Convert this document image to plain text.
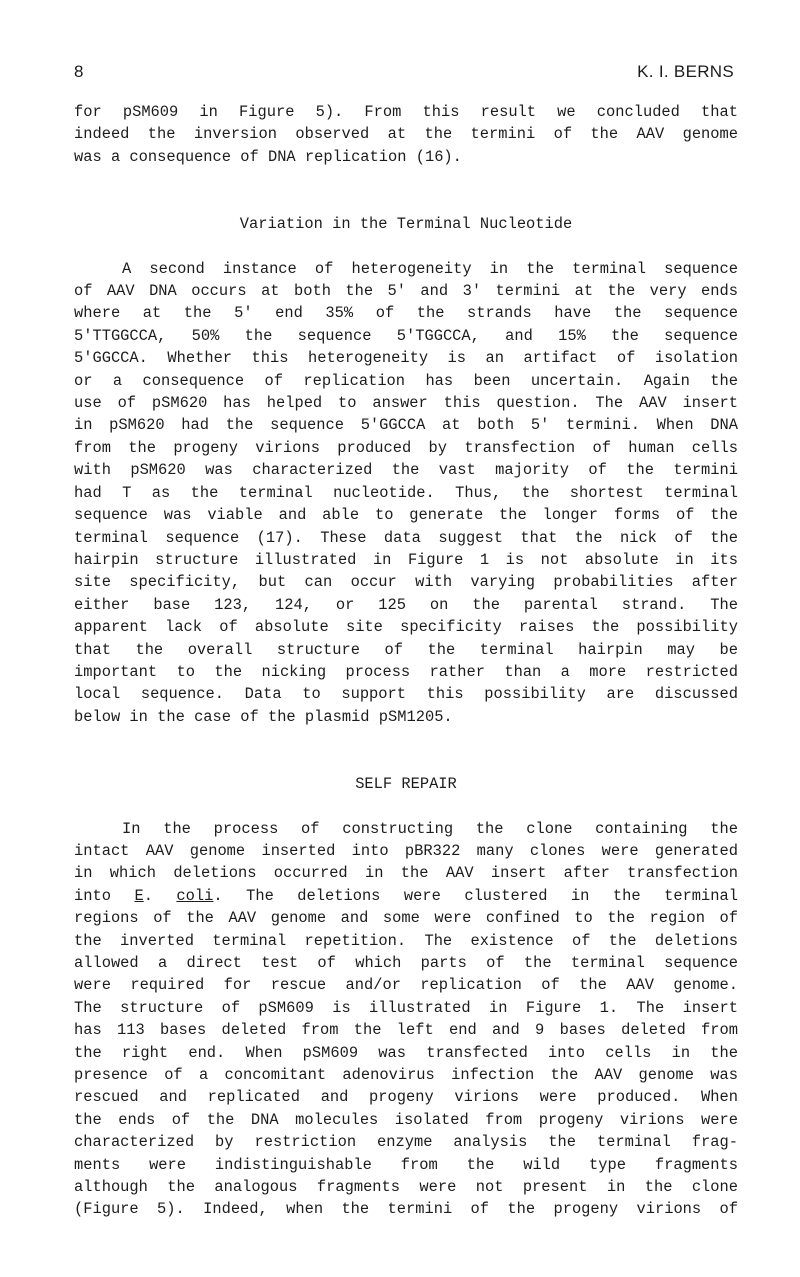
8	K. I. BERNS
for pSM609 in Figure 5). From this result we concluded that
indeed the inversion observed at the termini of the AAV genome
was a consequence of DNA replication (16).
Variation in the Terminal Nucleotide
A second instance of heterogeneity in the terminal sequence
of AAV DNA occurs at both the 5' and 3' termini at the very ends
where at the 5' end 35% of the strands have the sequence
5'TTGGCCA, 50% the sequence 5'TGGCCA, and 15% the sequence
5'GGCCA. Whether this heterogeneity is an artifact of isolation
or a consequence of replication has been uncertain. Again the
use of pSM620 has helped to answer this question. The AAV insert
in pSM620 had the sequence 5'GGCCA at both 5' termini. When DNA
from the progeny virions produced by transfection of human cells
with pSM620 was characterized the vast majority of the termini
had T as the terminal nucleotide. Thus, the shortest terminal
sequence was viable and able to generate the longer forms of the
terminal sequence (17). These data suggest that the nick of the
hairpin structure illustrated in Figure 1 is not absolute in its
site specificity, but can occur with varying probabilities after
either base 123, 124, or 125 on the parental strand. The
apparent lack of absolute site specificity raises the possibility
that the overall structure of the terminal hairpin may be
important to the nicking process rather than a more restricted
local sequence. Data to support this possibility are discussed
below in the case of the plasmid pSM1205.
SELF REPAIR
In the process of constructing the clone containing the
intact AAV genome inserted into pBR322 many clones were generated
in which deletions occurred in the AAV insert after transfection
into E. coli. The deletions were clustered in the terminal
regions of the AAV genome and some were confined to the region of
the inverted terminal repetition. The existence of the deletions
allowed a direct test of which parts of the terminal sequence
were required for rescue and/or replication of the AAV genome.
The structure of pSM609 is illustrated in Figure 1. The insert
has 113 bases deleted from the left end and 9 bases deleted from
the right end. When pSM609 was transfected into cells in the
presence of a concomitant adenovirus infection the AAV genome was
rescued and replicated and progeny virions were produced. When
the ends of the DNA molecules isolated from progeny virions were
characterized by restriction enzyme analysis the terminal frag-
ments were indistinguishable from the wild type fragments
although the analogous fragments were not present in the clone
(Figure 5). Indeed, when the termini of the progeny virions of
